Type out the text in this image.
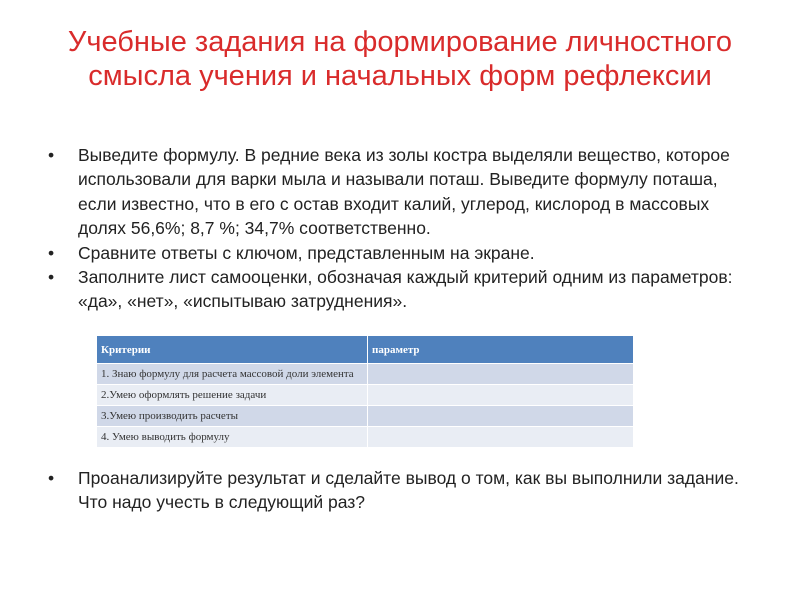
Учебные задания на формирование личностного смысла учения и начальных форм рефлексии
•	Выведите формулу. В редние века из золы костра выделяли вещество, которое использовали для варки мыла и называли поташ. Выведите формулу поташа, если известно, что в его с остав входит калий, углерод, кислород в массовых долях 56,6%; 8,7 %; 34,7% соответственно.
•	Сравните ответы с ключом, представленным на экране.
•	Заполните лист самооценки, обозначая каждый критерий одним из параметров: «да», «нет», «испытываю затруднения».
Критерии	параметр
1. Знаю формулу для расчета массовой доли элемента	
2.Умею оформлять решение задачи	
3.Умею производить расчеты	
4. Умею выводить формулу	
• Проанализируйте результат и сделайте вывод о том, как вы выполнили задание. Что надо учесть в следующий раз?
